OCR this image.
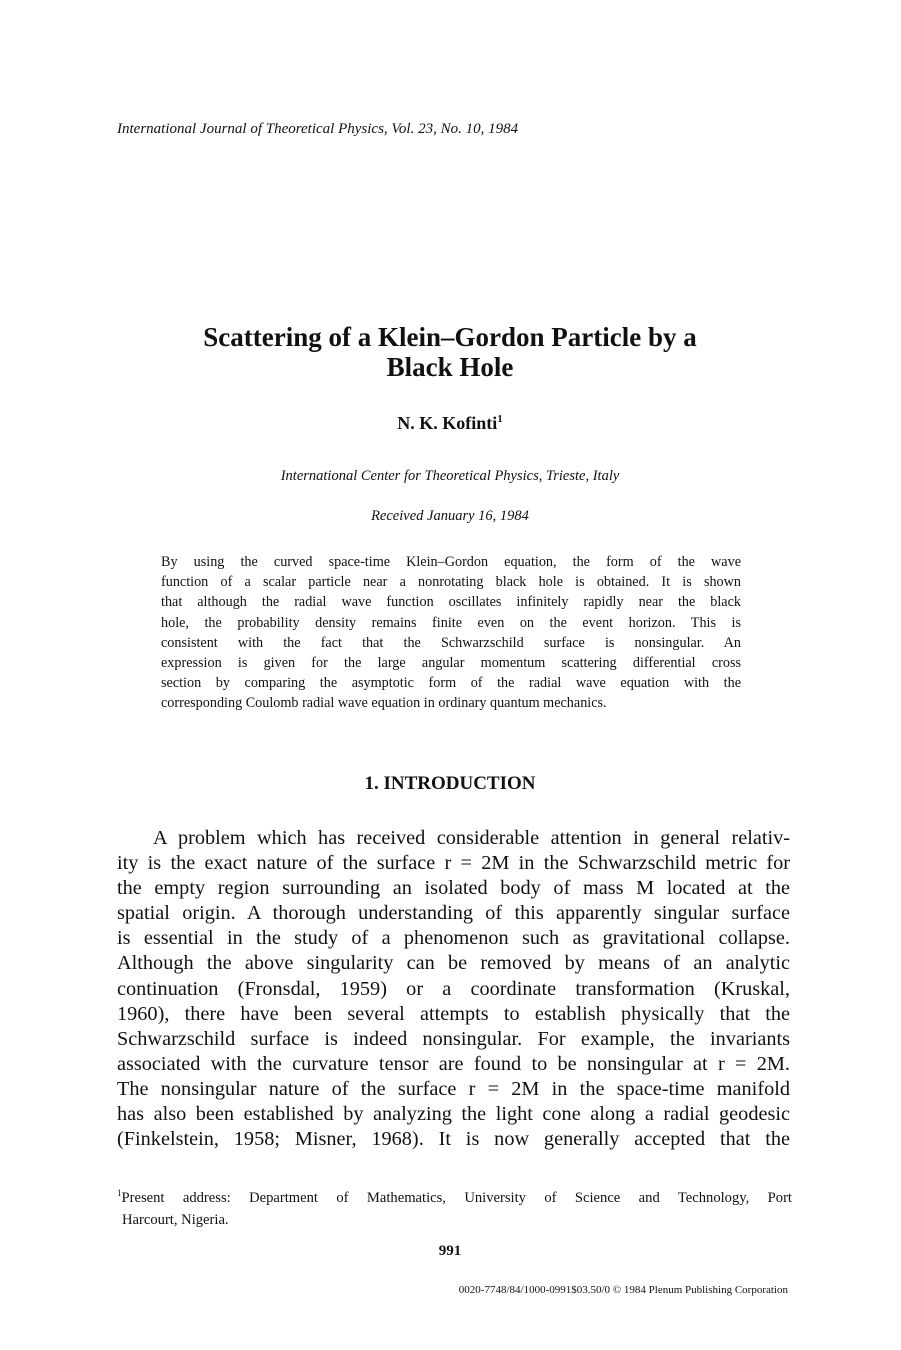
International Journal of Theoretical Physics, Vol. 23, No. 10, 1984
Scattering of a Klein–Gordon Particle by a
Black Hole
N. K. Kofinti$^1$
International Center for Theoretical Physics, Trieste, Italy
Received January 16, 1984
By using the curved space-time Klein–Gordon equation, the form of the wave
function of a scalar particle near a nonrotating black hole is obtained. It is shown
that although the radial wave function oscillates infinitely rapidly near the black
hole, the probability density remains finite even on the event horizon. This is
consistent with the fact that the Schwarzschild surface is nonsingular. An
expression is given for the large angular momentum scattering differential cross
section by comparing the asymptotic form of the radial wave equation with the
corresponding Coulomb radial wave equation in ordinary quantum mechanics.
1. INTRODUCTION
A problem which has received considerable attention in general relativ-
ity is the exact nature of the surface r = 2M in the Schwarzschild metric for
the empty region surrounding an isolated body of mass M located at the
spatial origin. A thorough understanding of this apparently singular surface
is essential in the study of a phenomenon such as gravitational collapse.
Although the above singularity can be removed by means of an analytic
continuation (Fronsdal, 1959) or a coordinate transformation (Kruskal,
1960), there have been several attempts to establish physically that the
Schwarzschild surface is indeed nonsingular. For example, the invariants
associated with the curvature tensor are found to be nonsingular at r = 2M.
The nonsingular nature of the surface r = 2M in the space-time manifold
has also been established by analyzing the light cone along a radial geodesic
(Finkelstein, 1958; Misner, 1968). It is now generally accepted that the
$^1$Present address: Department of Mathematics, University of Science and Technology, Port
Harcourt, Nigeria.
991
0020-7748/84/1000-0991$03.50/0 © 1984 Plenum Publishing Corporation
